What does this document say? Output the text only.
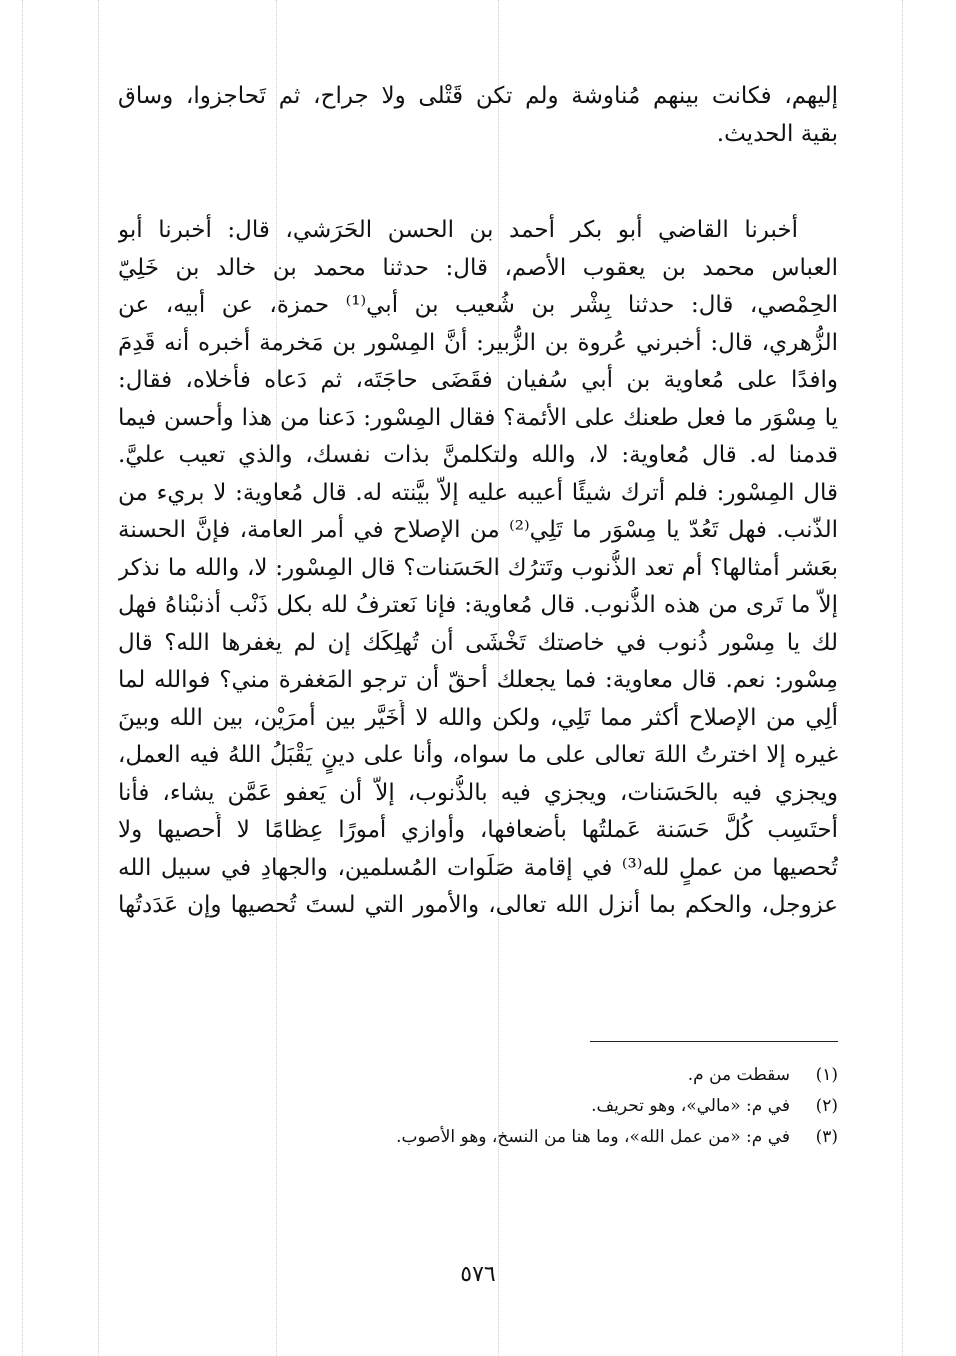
إليهم، فكانت بينهم مُناوشة ولم تكن قَتْلى ولا جراح، ثم تَحاجزوا، وساق
بقية الحديث.
أخبرنا القاضي أبو بكر أحمد بن الحسن الحَرَشي، قال: أخبرنا أبو
العباس محمد بن يعقوب الأصم، قال: حدثنا محمد بن خالد بن خَلِيّ
الحِمْصي، قال: حدثنا بِشْر بن شُعيب بن أبي⁽¹⁾ حمزة، عن أبيه، عن
الزُّهري، قال: أخبرني عُروة بن الزُّبير: أنَّ المِسْور بن مَخرمة أخبره أنه قَدِمَ
وافدًا على مُعاوية بن أبي سُفيان فقَضَى حاجَتَه، ثم دَعاه فأخلاه، فقال:
يا مِسْوَر ما فعل طعنك على الأئمة؟ فقال المِسْور: دَعنا من هذا وأحسن فيما
قدمنا له. قال مُعاوية: لا، والله ولتكلمنَّ بذات نفسك، والذي تعيب عليَّ.
قال المِسْور: فلم أترك شيئًا أعيبه عليه إلاّ بيَّنته له. قال مُعاوية: لا بريء من
الذّنب. فهل تَعُدّ يا مِسْوَر ما تَلِي⁽²⁾ من الإصلاح في أمر العامة، فإنَّ الحسنة
بعَشر أمثالها؟ أم تعد الذُّنوب وتَترُك الحَسَنات؟ قال المِسْور: لا، والله ما نذكر
إلاّ ما تَرى من هذه الذُّنوب. قال مُعاوية: فإنا نَعترفُ لله بكل ذَنْب أذنبْناهُ فهل
لك يا مِسْور ذُنوب في خاصتك تَخْشَى أن تُهلِكَك إن لم يغفرها الله؟ قال
مِسْور: نعم. قال معاوية: فما يجعلك أحقّ أن ترجو المَغفرة مني؟ فوالله لما
ألِي من الإصلاح أكثر مما تَلِي، ولكن والله لا أُخَيَّر بين أمرَيْن، بين الله وبينَ
غيره إلا اخترتُ اللهَ تعالى على ما سواه، وأنا على دينٍ يَقْبَلُ اللهُ فيه العمل،
ويجزي فيه بالحَسَنات، ويجزي فيه بالذُّنوب، إلاّ أن يَعفو عَمَّن يشاء، فأنا
أحتَسِب كُلَّ حَسَنة عَملتُها بأضعافها، وأوازي أمورًا عِظامًا لا أُحصيها ولا
تُحصيها من عملٍ لله⁽³⁾ في إقامة صَلَوات المُسلمين، والجهادِ في سبيل الله
عزوجل، والحكم بما أنزل الله تعالى، والأمور التي لستَ تُحصيها وإن عَدَدتُها
(١)
سقطت من م.
(٢)
في م: «مالي»، وهو تحريف.
(٣)
في م: «من عمل الله»، وما هنا من النسخ، وهو الأصوب.
٥٧٦
